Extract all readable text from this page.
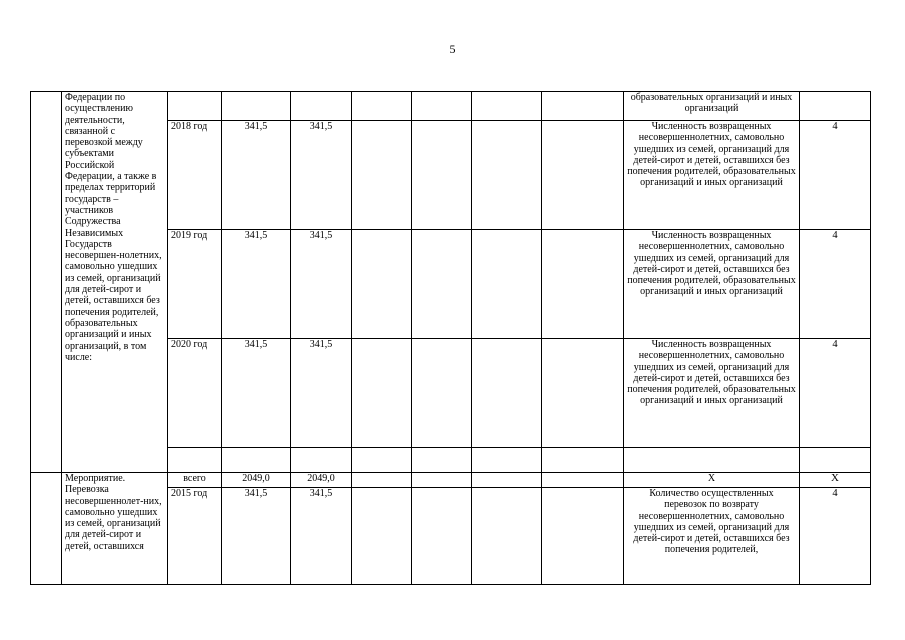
5
	Федерации по осуществлению деятельности, связанной с перевозкой между субъектами Российской Федерации, а также в пределах территорий государств – участников Содружества Независимых Государств несовершен-нолетних, самовольно ушедших из семей, организаций для детей-сирот и детей, оставшихся без попечения родителей, образовательных организаций и иных организаций, в том числе:								образовательных организаций и иных организаций	
		2018 год	341,5	341,5					Численность возвращенных несовершеннолетних, самовольно ушедших из семей, организаций для детей-сирот и детей, оставшихся без попечения родителей, образовательных организаций и иных организаций	4
		2019 год	341,5	341,5					Численность возвращенных несовершеннолетних, самовольно ушедших из семей, организаций для детей-сирот и детей, оставшихся без попечения родителей, образовательных организаций и иных организаций	4
		2020 год	341,5	341,5					Численность возвращенных несовершеннолетних, самовольно ушедших из семей, организаций для детей-сирот и детей, оставшихся без попечения родителей, образовательных организаций и иных организаций	4

	Мероприятие. Перевозка несовершеннолет-них, самовольно ушедших из семей, организаций для детей-сирот и детей, оставшихся	всего	2049,0	2049,0					Х	Х
		2015 год	341,5	341,5					Количество осуществленных перевозок по возврату несовершеннолетних, самовольно ушедших из семей, организаций для детей-сирот и детей, оставшихся без попечения родителей,	4
